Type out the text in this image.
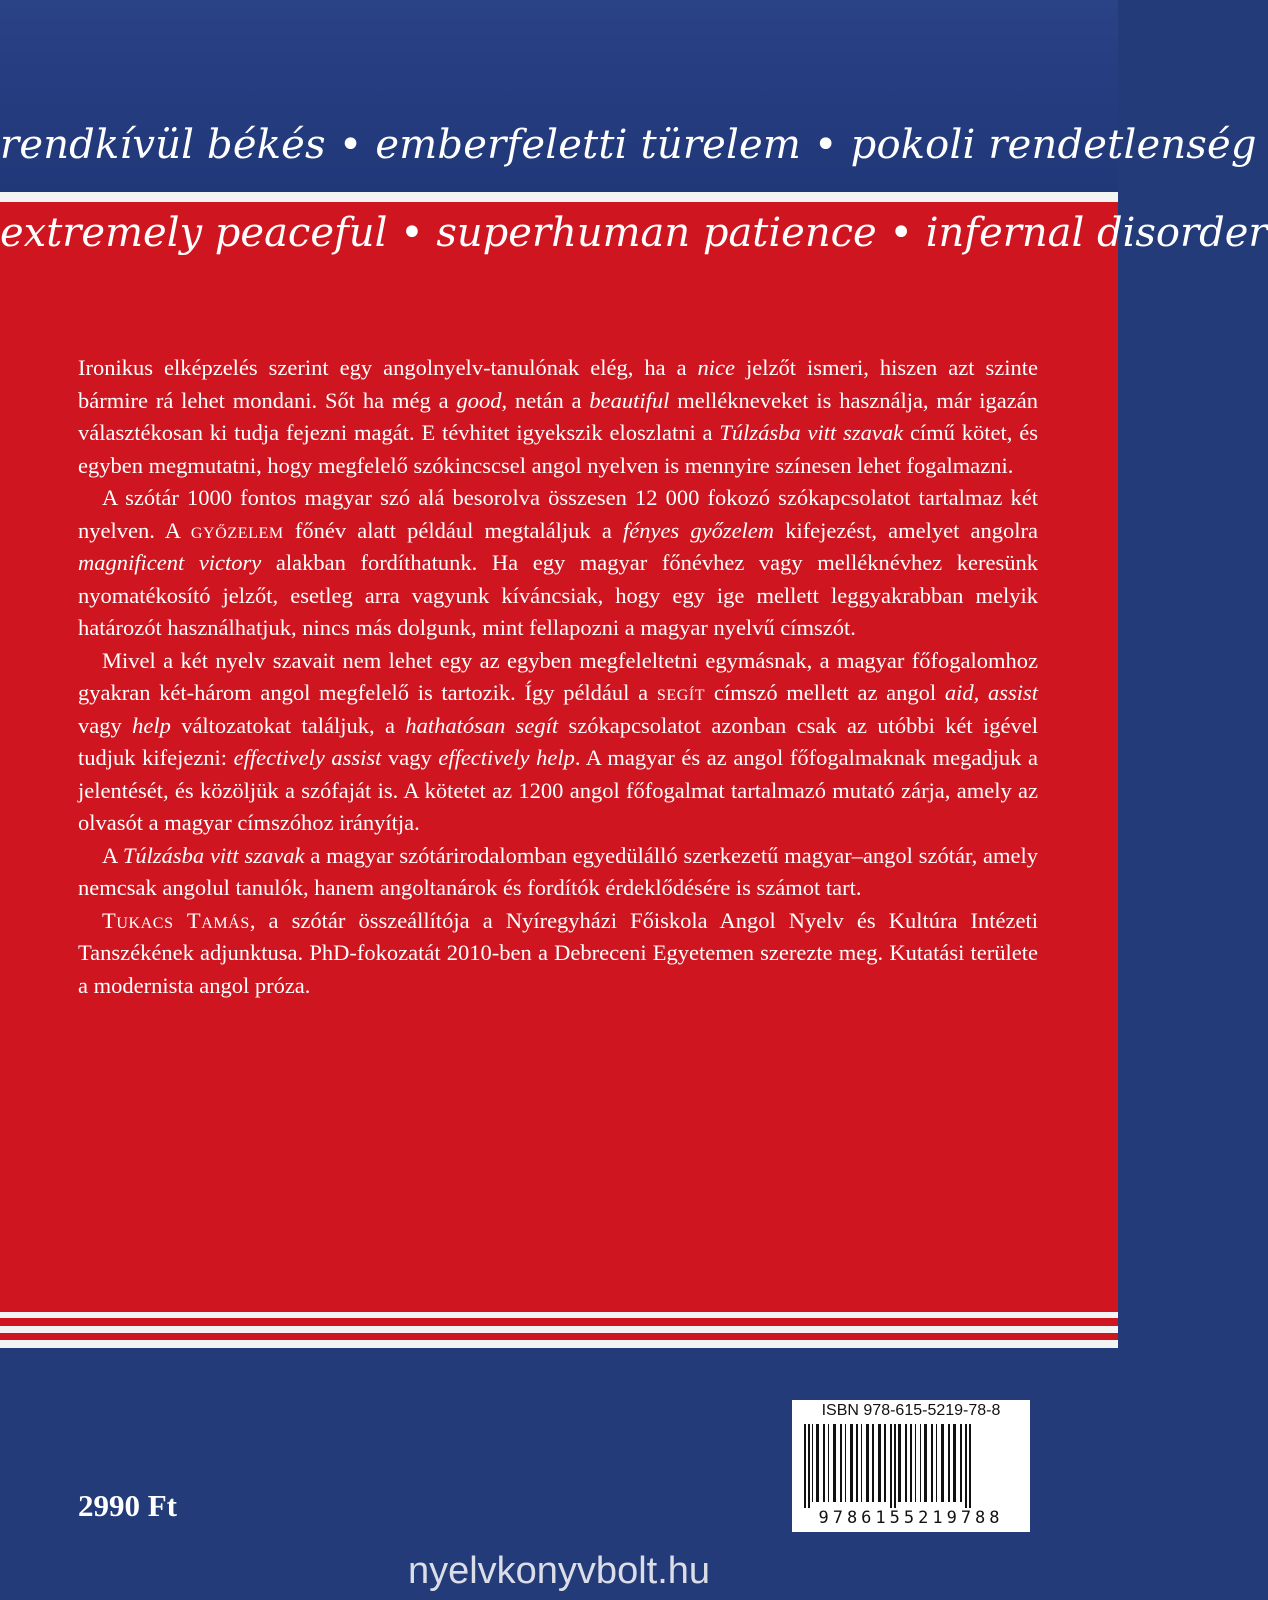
rendkívül békés • emberfeletti türelem • pokoli rendetlenség
extremely peaceful • superhuman patience • infernal disorder

Ironikus elképzelés szerint egy angolnyelv-tanulónak elég, ha a nice jelzőt ismeri, hiszen azt szinte bármire rá lehet mondani. Sőt ha még a good, netán a beautiful mellékneveket is használja, már igazán választékosan ki tudja fejezni magát. E tévhitet igyekszik eloszlatni a Túlzásba vitt szavak című kötet, és egyben megmutatni, hogy megfelelő szókincscsel angol nyelven is mennyire színesen lehet fogalmazni.

A szótár 1000 fontos magyar szó alá besorolva összesen 12 000 fokozó szókapcsolatot tartalmaz két nyelven. A győzelem főnév alatt például megtaláljuk a fényes győzelem kifejezést, amelyet angolra magnificent victory alakban fordíthatunk. Ha egy magyar főnévhez vagy melléknévhez keresünk nyomatékosító jelzőt, esetleg arra vagyunk kíváncsiak, hogy egy ige mellett leggyakrabban melyik határozót használhatjuk, nincs más dolgunk, mint fellapozni a magyar nyelvű címszót.

Mivel a két nyelv szavait nem lehet egy az egyben megfeleltetni egymásnak, a magyar főfogalomhoz gyakran két-három angol megfelelő is tartozik. Így például a segít címszó mellett az angol aid, assist vagy help változatokat találjuk, a hathatósan segít szókapcsolatot azonban csak az utóbbi két igével tudjuk kifejezni: effectively assist vagy effectively help. A magyar és az angol főfogalmaknak megadjuk a jelentését, és közöljük a szófaját is. A kötetet az 1200 angol főfogalmat tartalmazó mutató zárja, amely az olvasót a magyar címszóhoz irányítja.

A Túlzásba vitt szavak a magyar szótárirodalomban egyedülálló szerkezetű magyar–angol szótár, amely nemcsak angolul tanulók, hanem angoltanárok és fordítók érdeklődésére is számot tart.

Tukacs Tamás, a szótár összeállítója a Nyíregyházi Főiskola Angol Nyelv és Kultúra Intézeti Tanszékének adjunktusa. PhD-fokozatát 2010-ben a Debreceni Egyetemen szerezte meg. Kutatási területe a modernista angol próza.

2990 Ft
ISBN 978-615-5219-78-8
9786155219788
nyelvkonyvbolt.hu
